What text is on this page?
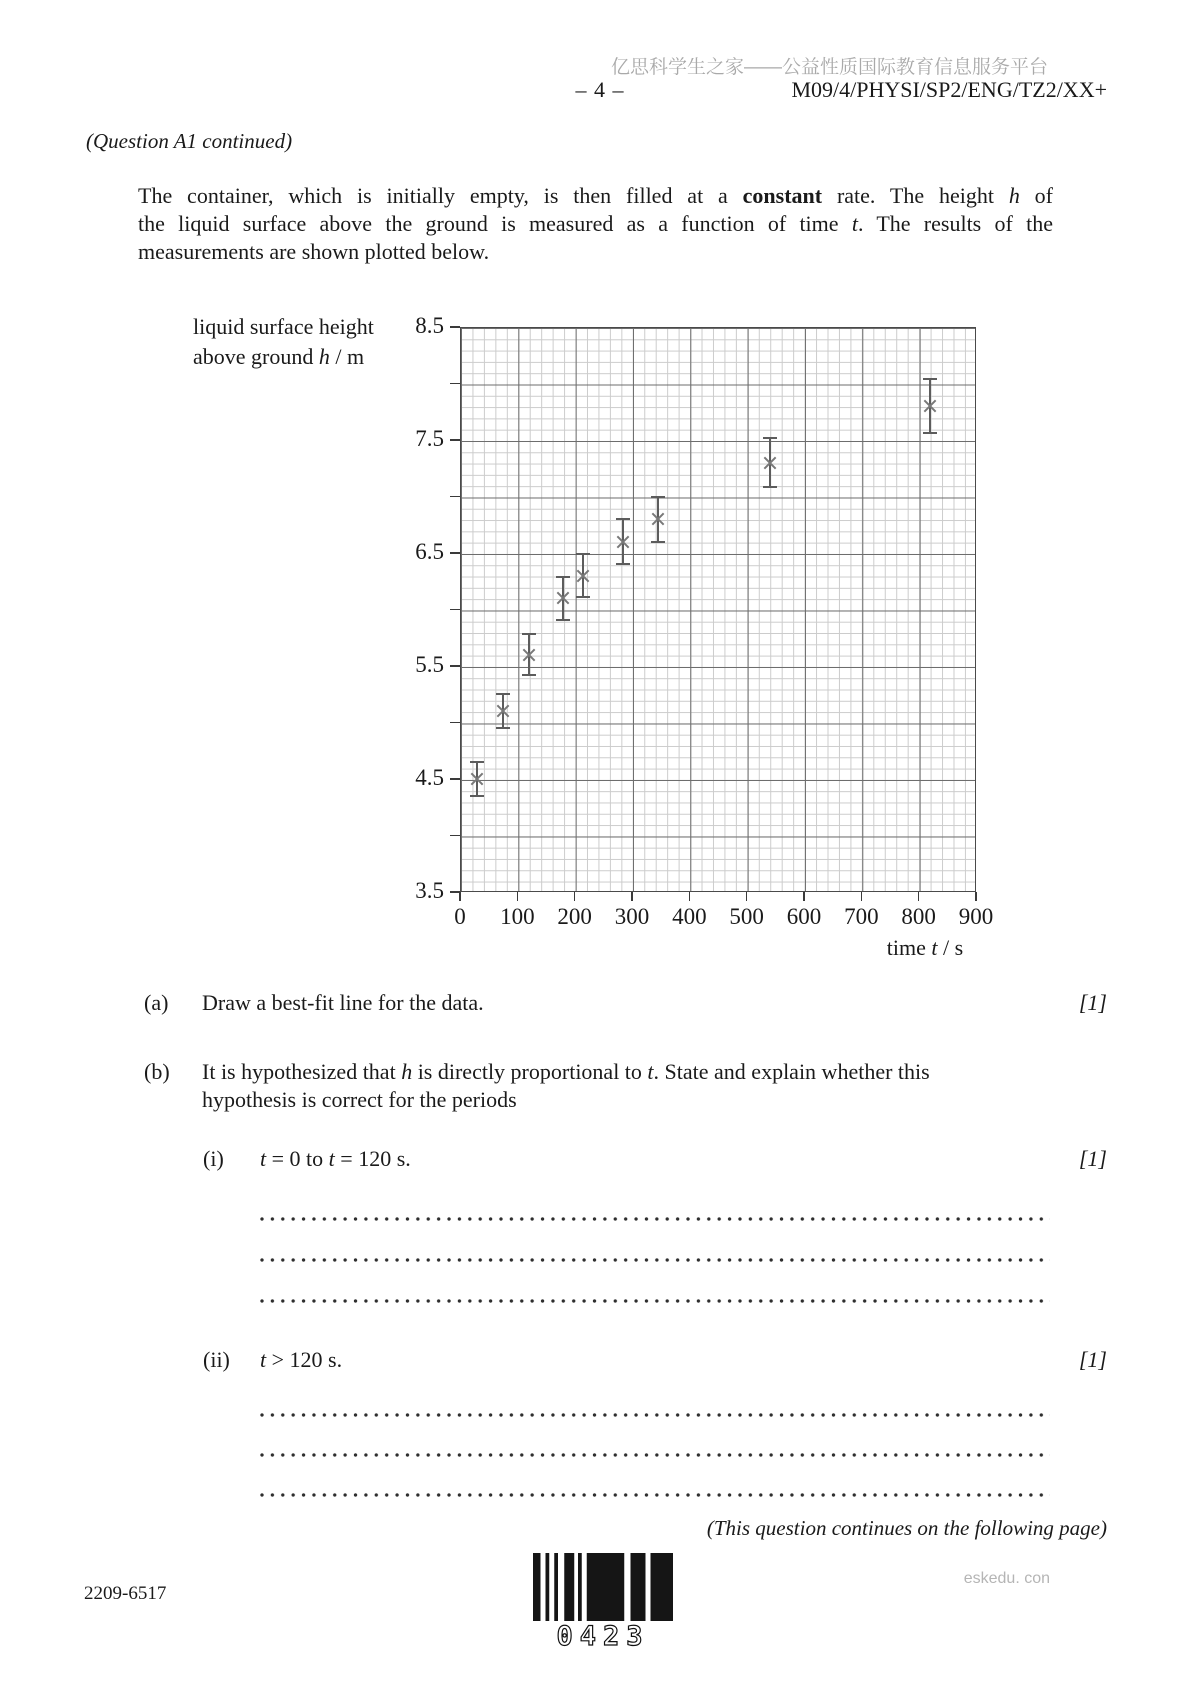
亿思科学生之家——公益性质国际教育信息服务平台
– 4 –	M09/4/PHYSI/SP2/ENG/TZ2/XX+
(Question A1 continued)
The container, which is initially empty, is then filled at a constant rate. The height h of
the liquid surface above the ground is measured as a function of time t. The results of the
measurements are shown plotted below.
liquid surface height
above ground h / m
0	100 200 300 400 500 600 700 800 900
3.5
4.5
5.5
6.5
7.5
8.5
time t / s
(a) Draw a best-fit line for the data.	[1]
(b) It is hypothesized that h is directly proportional to t. State and explain whether this
hypothesis is correct for the periods
(i) t = 0 to t = 120 s.	[1]
(ii) t > 120 s.	[1]
(This question continues on the following page)
2209-6517
0423
eskedu. con
